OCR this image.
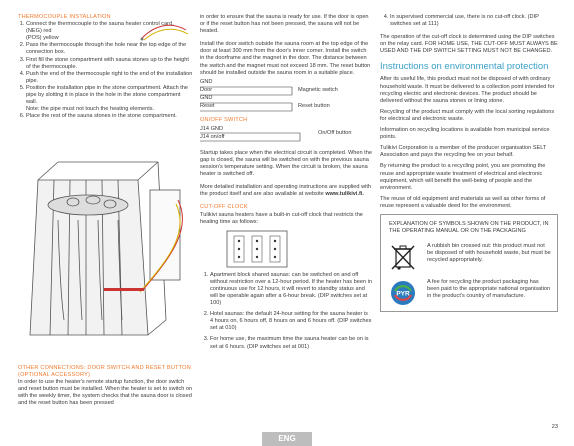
THERMOCOUPLE INSTALLATION
1. Connect the thermocouple to the sauna heater control card.
(NEG) red
(POS) yellow
2. Pass the thermocouple through the hole near the top edge of the connection box.
3. First fill the stone compartment with sauna stones up to the height of the thermocouple.
4. Push the end of the thermocouple right to the end of the installation pipe.
5. Position the installation pipe in the stone compartment. Attach the pipe by slotting it in place in the hole in the stone compartment wall.
Note: the pipe must not touch the heating elements.
6. Place the rest of the sauna stones in the stone compartment.
OTHER CONNECTIONS: DOOR SWITCH AND RESET BUTTON (OPTIONAL ACCESSORY)

In order to use the heater's remote startup function, the door switch and reset button must be installed. When the heater is set to switch on with the weekly timer, the system checks that the sauna door is closed and the reset button has been pressed

in order to ensure that the sauna is ready for use. If the door is open or if the reset button has not been pressed, the sauna will not be heated.

Install the door switch outside the sauna room at the top edge of the door at least 300 mm from the door's inner corner. Install the switch in the doorframe and the magnet in the door. The distance between the switch and the magnet must not exceed 18 mm. The reset button should be installed outside the sauna room in a suitable place.

GND
Door
GND
Reset
Magnetic switch
Reset button
ON/OFF SWITCH
J14 GND
J14 on/off
On/Off button

Startup takes place when the electrical circuit is completed. When the gap is closed, the sauna will be switched on with the previous sauna session's temperature setting. When the circuit is broken, the sauna heater is switched off.

More detailed installation and operating instructions are supplied with the product itself and are also available at website www.tulikivi.fi.

CUT-OFF CLOCK

Tulikivi sauna heaters have a built-in cut-off clock that restricts the heating time as follows:

1. Apartment block shared saunas: can be switched on and off without restriction over a 12-hour period. If the heater has been in continuous use for 12 hours, it will revert to standby status and will be operable again after a 6-hour break. (DIP switches set at 100)
2. Hotel saunas: the default 24-hour setting for the sauna heater is 4 hours on, 6 hours off, 8 hours on and 6 hours off. (DIP switches set at 010)
3. For home use, the maximum time the sauna heater can be on is set at 6 hours. (DIP switches set at 001)
4. In supervised commercial use, there is no cut-off clock. (DIP switches set at 111)

The operation of the cut-off clock is determined using the DIP switches on the relay card. FOR HOME USE, THE CUT-OFF MUST ALWAYS BE USED AND THE DIP SWITCH SETTING MUST NOT BE CHANGED.

Instructions on environmental protection

After its useful life, this product must not be disposed of with ordinary household waste. It must be delivered to a collection point intended for recycling electric and electronic devices. The product should be delivered without the sauna stones or lining stone.

Recycling of the product must comply with the local sorting regulations for electrical and electronic waste.

Information on recycling locations is available from municipal service points.

Tulikivi Corporation is a member of the producer organisation SELT Association and pays the recycling fee on your behalf.

By returning the product to a recycling point, you are promoting the reuse and appropriate waste treatment of electrical and electronic equipment, which will benefit the well-being of people and the environment.

The reuse of old equipment and materials as well as other forms of reuse represent a valuable deed for the environment.

EXPLANATION OF SYMBOLS SHOWN ON THE PRODUCT, IN THE OPERATING MANUAL OR ON THE PACKAGING
A rubbish bin crossed out: this product must not be disposed of with household waste, but must be recycled appropriately.
PYR
A fee for recycling the product packaging has been paid to the appropriate national organisation in the product's country of manufacture.
23
ENG
